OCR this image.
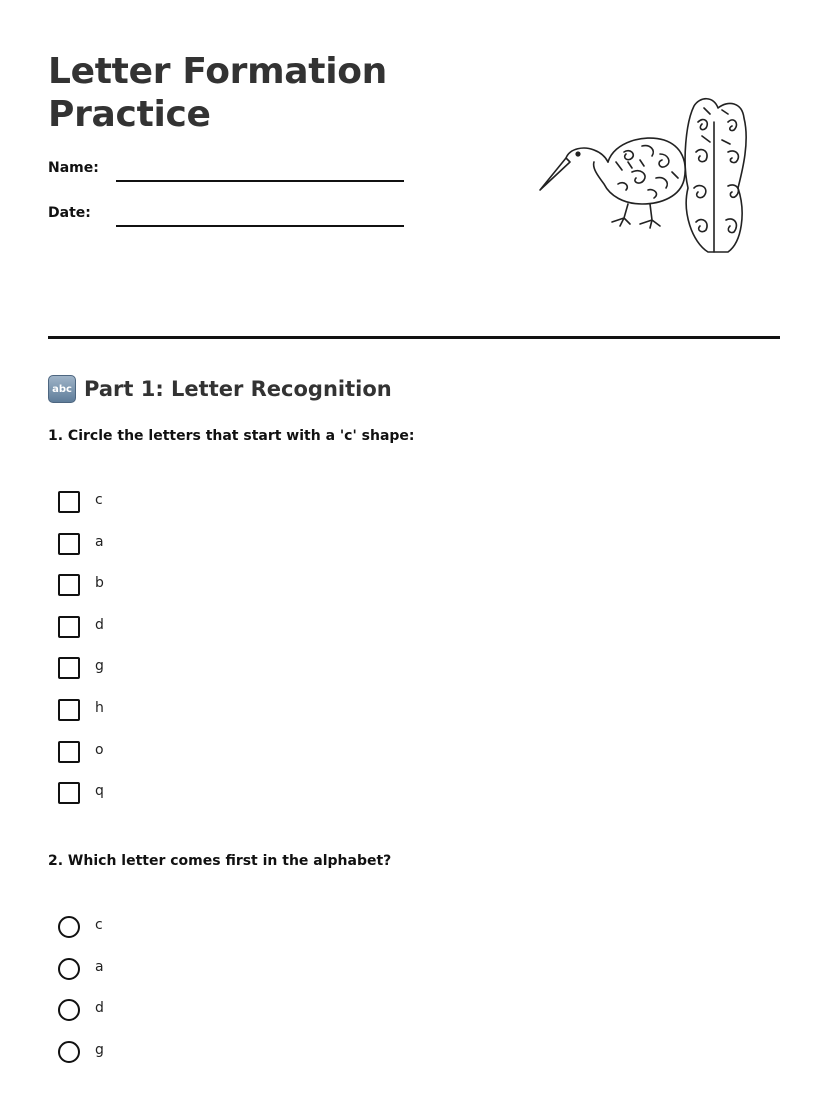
Letter Formation Practice
Name:
Date:
abc Part 1: Letter Recognition
1. Circle the letters that start with a 'c' shape:
c
a
b
d
g
h
o
q
2. Which letter comes first in the alphabet?
c
a
d
g
